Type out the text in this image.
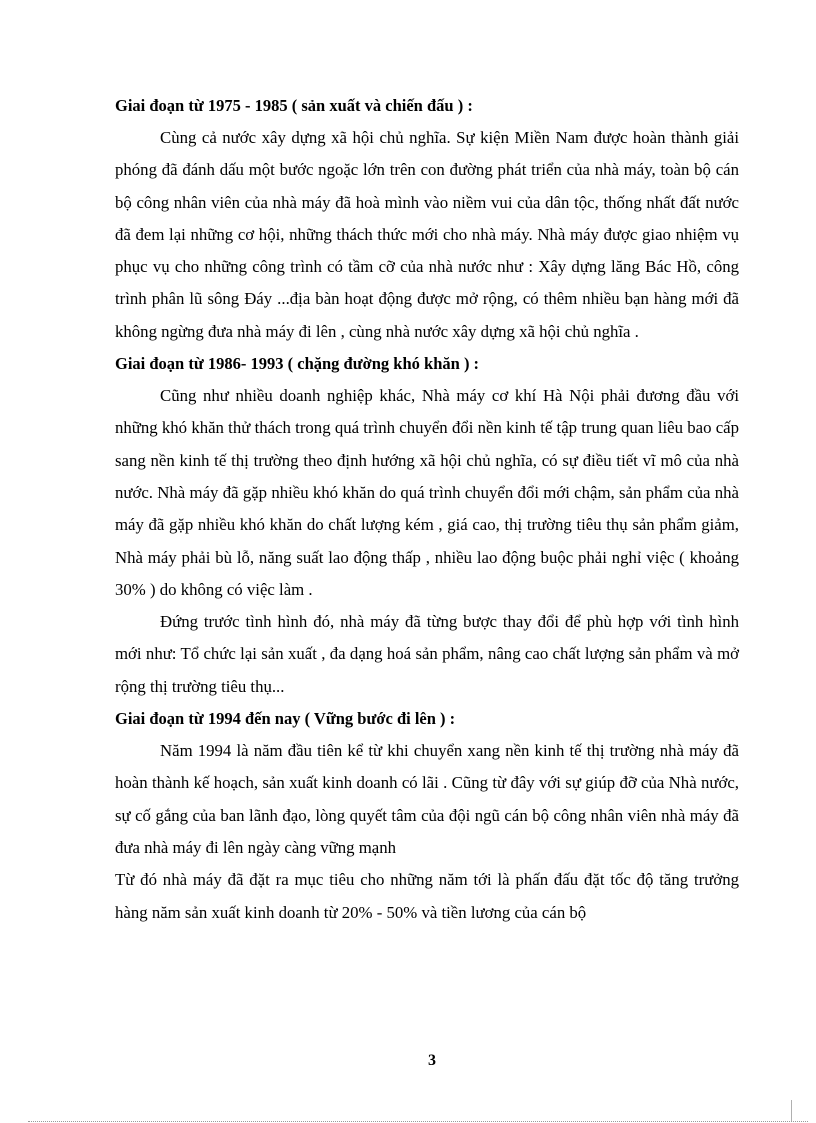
Giai đoạn từ 1975 - 1985 ( sản xuất và chiến đấu ) :

Cùng cả nước xây dựng xã hội chủ nghĩa. Sự kiện Miền Nam được hoàn thành giải phóng đã đánh dấu một bước ngoặc lớn trên con đường phát triển của nhà máy, toàn bộ cán bộ công nhân viên của nhà máy đã hoà mình vào niềm vui của dân tộc, thống nhất đất nước đã đem lại những cơ hội, những thách thức mới cho nhà máy. Nhà máy được giao nhiệm vụ phục vụ cho những công trình có tầm cỡ của nhà nước như : Xây dựng lăng Bác Hồ, công trình phân lũ sông Đáy ...địa bàn hoạt động được mở rộng, có thêm nhiều bạn hàng mới đã không ngừng đưa nhà máy đi lên , cùng nhà nước xây dựng xã hội chủ nghĩa .

Giai đoạn từ 1986- 1993 ( chặng đường khó khăn ) :

Cũng như nhiều doanh nghiệp khác, Nhà máy cơ khí Hà Nội phải đương đầu với những khó khăn thử thách trong quá trình chuyển đổi nền kinh tế tập trung quan liêu bao cấp sang nền kinh tế thị trường theo định hướng xã hội chủ nghĩa, có sự điều tiết vĩ mô của nhà nước. Nhà máy đã gặp nhiều khó khăn do quá trình chuyển đổi mới chậm, sản phẩm của nhà máy đã gặp nhiều khó khăn do chất lượng kém , giá cao, thị trường tiêu thụ sản phẩm giảm, Nhà máy phải bù lỗ, năng suất lao động thấp , nhiều lao động buộc phải nghỉ việc ( khoảng 30% ) do không có việc làm .

Đứng trước tình hình đó, nhà máy đã từng bược thay đổi để phù hợp với tình hình mới như: Tổ chức lại sản xuất , đa dạng hoá sản phẩm, nâng cao chất lượng sản phẩm và mở rộng thị trường tiêu thụ...

Giai đoạn từ 1994 đến nay ( Vững bước đi lên ) :

Năm 1994 là năm đầu tiên kể từ khi chuyển xang nền kinh tế thị trường nhà máy đã hoàn thành kế hoạch, sản xuất kinh doanh có lãi . Cũng từ đây với sự giúp đỡ của Nhà nước, sự cố gắng của ban lãnh đạo, lòng quyết tâm của đội ngũ cán bộ công nhân viên nhà máy đã đưa nhà máy đi lên ngày càng vững mạnh

Từ đó nhà máy đã đặt ra mục tiêu cho những năm tới là phấn đấu đặt tốc độ tăng trưởng hàng năm sản xuất kinh doanh từ 20% - 50% và tiền lương của cán bộ

3
